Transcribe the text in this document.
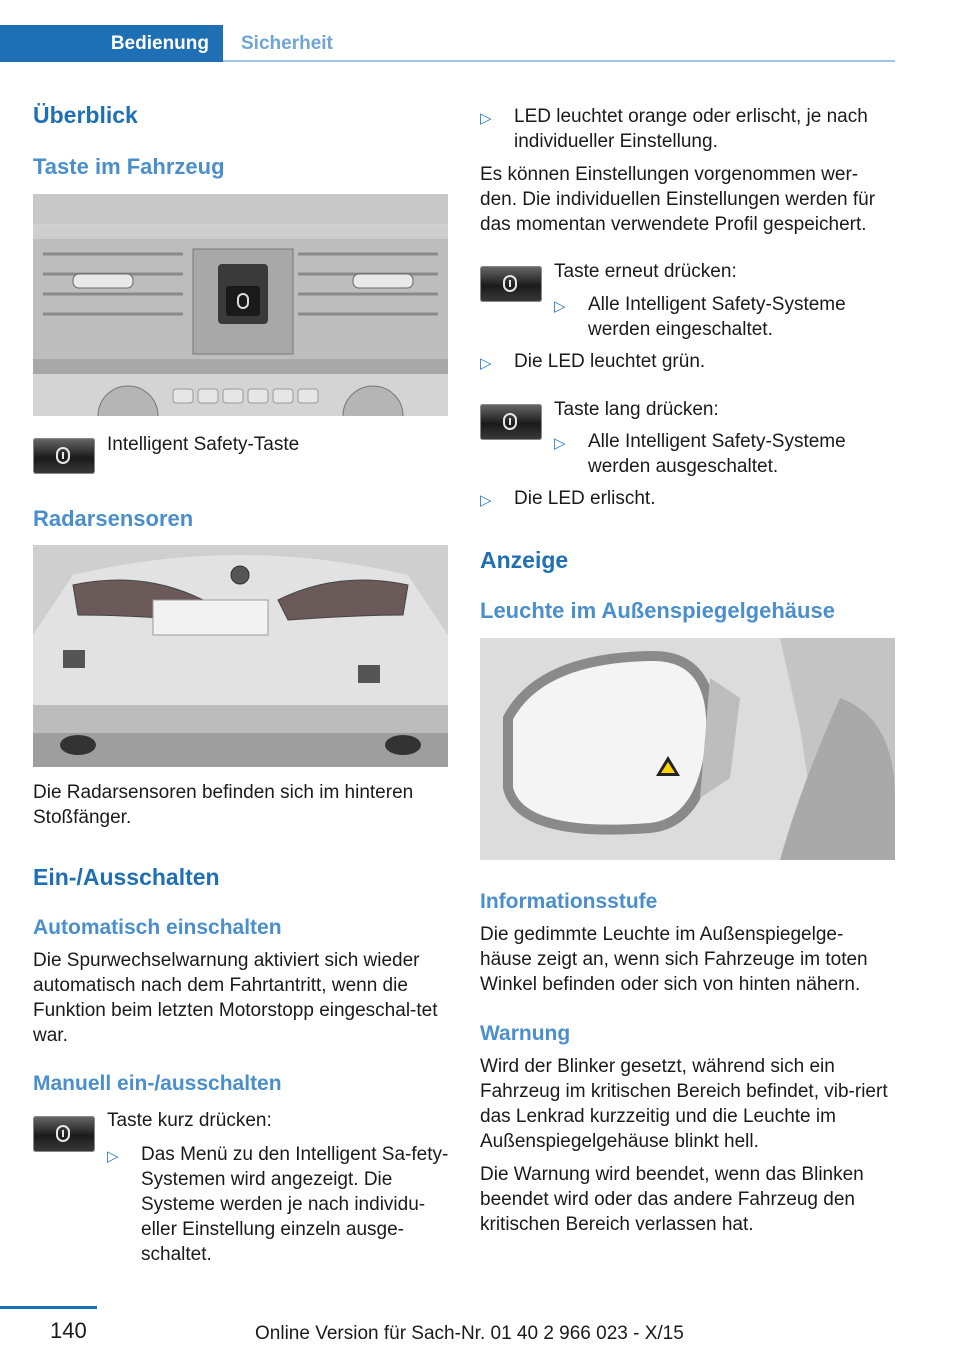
Bedienung	Sicherheit
Überblick
Taste im Fahrzeug

Intelligent Safety-Taste

Radarsensoren

Die Radarsensoren befinden sich im hinteren Stoßfänger.

Ein-/Ausschalten
Automatisch einschalten

Die Spurwechselwarnung aktiviert sich wieder automatisch nach dem Fahrtantritt, wenn die Funktion beim letzten Motorstopp eingeschal‐tet war.

Manuell ein-/ausschalten

Taste kurz drücken:

▷ Das Menü zu den Intelligent Sa‐fety-Systemen wird angezeigt. Die Systeme werden je nach individu‐eller Einstellung einzeln ausge‐schaltet.
▷ LED leuchtet orange oder erlischt, je nach individueller Einstellung.

Es können Einstellungen vorgenommen wer‐den. Die individuellen Einstellungen werden für das momentan verwendete Profil gespeichert.

Taste erneut drücken:

▷ Alle Intelligent Safety-Systeme werden eingeschaltet.
▷ Die LED leuchtet grün.

Taste lang drücken:

▷ Alle Intelligent Safety-Systeme werden ausgeschaltet.
▷ Die LED erlischt.
Anzeige
Leuchte im Außenspiegelgehäuse
Informationsstufe

Die gedimmte Leuchte im Außenspiegelge‐häuse zeigt an, wenn sich Fahrzeuge im toten Winkel befinden oder sich von hinten nähern.

Warnung

Wird der Blinker gesetzt, während sich ein Fahrzeug im kritischen Bereich befindet, vib‐riert das Lenkrad kurzzeitig und die Leuchte im Außenspiegelgehäuse blinkt hell.

Die Warnung wird beendet, wenn das Blinken beendet wird oder das andere Fahrzeug den kritischen Bereich verlassen hat.

140	Online Version für Sach-Nr. 01 40 2 966 023 - X/15
